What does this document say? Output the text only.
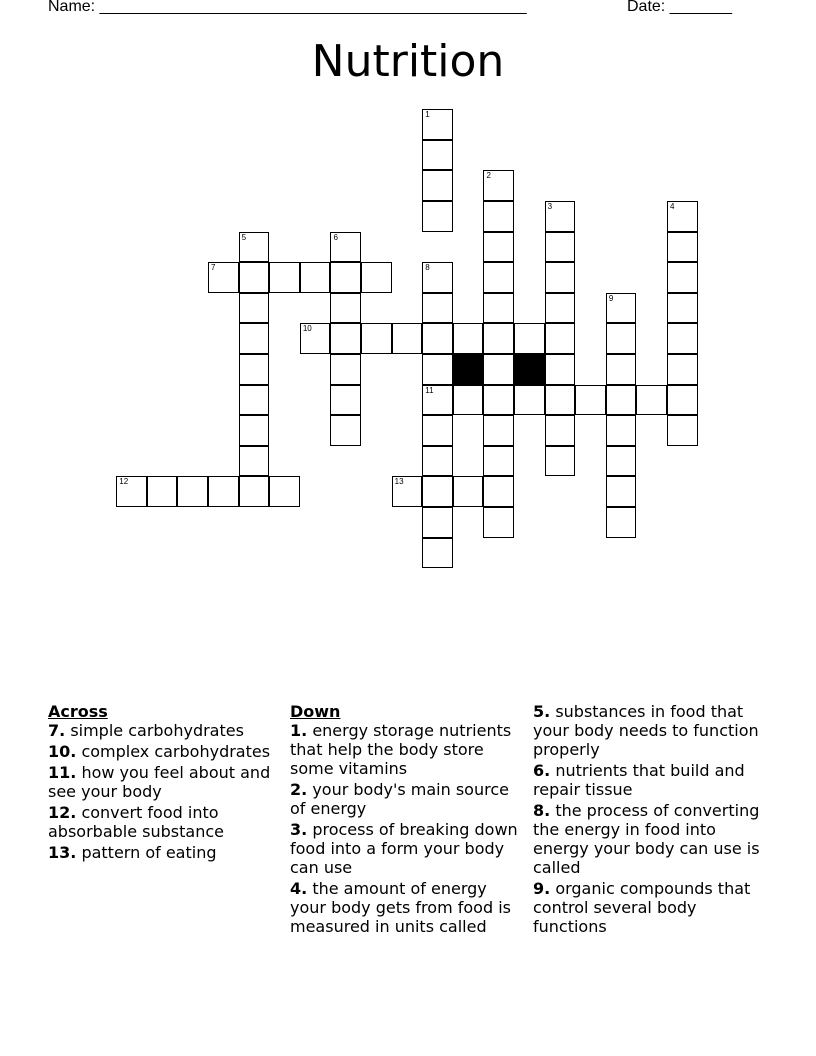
Name: ________________________________________________	Date: _______
Nutrition
1
2
3	4
5	6
7	8
11
9
10
12	13
Across
7. simple carbohydrates
10. complex carbohydrates
11. how you feel about and see your body
12. convert food into absorbable substance
13. pattern of eating
Down
1. energy storage nutrients that help the body store some vitamins
2. your body's main source of energy
3. process of breaking down food into a form your body can use
4. the amount of energy your body gets from food is measured in units called
5. substances in food that your body needs to function properly
6. nutrients that build and repair tissue
8. the process of converting the energy in food into energy your body can use is called
9. organic compounds that control several body functions
